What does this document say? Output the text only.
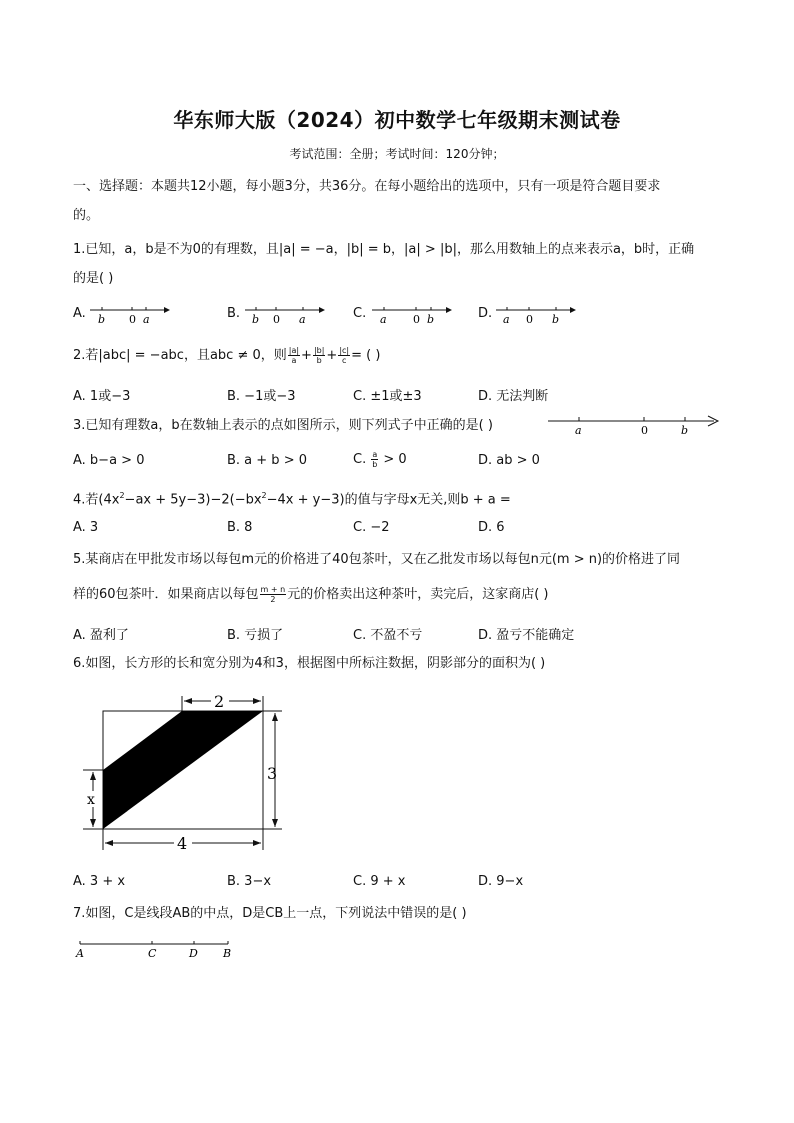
华东师大版（2024）初中数学七年级期末测试卷
考试范围：全册；考试时间：120分钟；
一、选择题：本题共12小题，每小题3分，共36分。在每小题给出的选项中，只有一项是符合题目要求
的。
1.已知，a，b是不为0的有理数，且|a| = −a，|b| = b，|a| > |b|，那么用数轴上的点来表示a，b时，正确
的是( )
A. b 0 a	B. b 0 a	C. a 0 b	D. a 0 b
2.若|abc| = −abc，且abc ≠ 0，则 $\frac{|a|}{a} + \frac{|b|}{b} + \frac{|c|}{c}$ = ( )
A. 1或−3	B. −1或−3	C. ±1或±3	D. 无法判断
3.已知有理数a，b在数轴上表示的点如图所示，则下列式子中正确的是( )	a	0	b
A. b−a > 0	B. a + b > 0	C. $\frac{a}{b} > 0$	D. ab > 0
4.若$(4x^2-ax + 5y-3)-2(-bx^2-4x + y-3)$的值与字母x无关,则b + a =
A. 3	B. 8	C. −2	D. 6
5.某商店在甲批发市场以每包m元的价格进了40包茶叶，又在乙批发市场以每包n元(m > n)的价格进了同
样的60包茶叶．如果商店以每包 $\frac{m + n}{2}$ 元的价格卖出这种茶叶，卖完后，这家商店( )
A. 盈利了	B. 亏损了	C. 不盈不亏	D. 盈亏不能确定
6.如图，长方形的长和宽分别为4和3，根据图中所标注数据，阴影部分的面积为( )
2
3
x
4
A. 3 + x	B. 3−x	C. 9 + x	D. 9−x
7.如图，C是线段AB的中点，D是CB上一点，下列说法中错误的是( )
A	C	D B
